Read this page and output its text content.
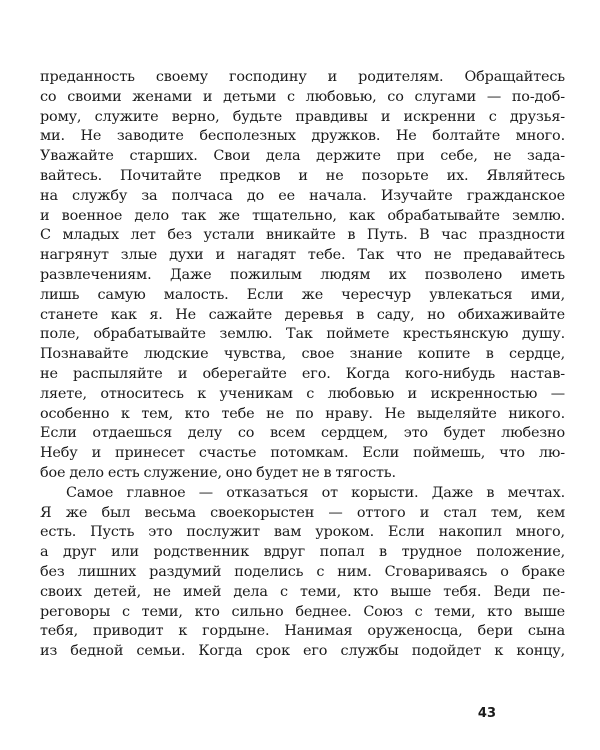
преданность своему господину и родителям. Обращайтесь
со своими женами и детьми с любовью, со слугами — по-доб-
рому, служите верно, будьте правдивы и искренни с друзья-
ми. Не заводите бесполезных дружков. Не болтайте много.
Уважайте старших. Свои дела держите при себе, не зада-
вайтесь. Почитайте предков и не позорьте их. Являйтесь
на службу за полчаса до ее начала. Изучайте гражданское
и военное дело так же тщательно, как обрабатывайте землю.
С младых лет без устали вникайте в Путь. В час праздности
нагрянут злые духи и нагадят тебе. Так что не предавайтесь
развлечениям. Даже пожилым людям их позволено иметь
лишь самую малость. Если же чересчур увлекаться ими,
станете как я. Не сажайте деревья в саду, но обихаживайте
поле, обрабатывайте землю. Так поймете крестьянскую душу.
Познавайте людские чувства, свое знание копите в сердце,
не распыляйте и оберегайте его. Когда кого-нибудь настав-
ляете, относитесь к ученикам с любовью и искренностью —
особенно к тем, кто тебе не по нраву. Не выделяйте никого.
Если отдаешься делу со всем сердцем, это будет любезно
Небу и принесет счастье потомкам. Если поймешь, что лю-
бое дело есть служение, оно будет не в тягость.
Самое главное — отказаться от корысти. Даже в мечтах.
Я же был весьма своекорыстен — оттого и стал тем, кем
есть. Пусть это послужит вам уроком. Если накопил много,
а друг или родственник вдруг попал в трудное положение,
без лишних раздумий поделись с ним. Сговариваясь о браке
своих детей, не имей дела с теми, кто выше тебя. Веди пе-
реговоры с теми, кто сильно беднее. Союз с теми, кто выше
тебя, приводит к гордыне. Нанимая оруженосца, бери сына
из бедной семьи. Когда срок его службы подойдет к концу,
43
